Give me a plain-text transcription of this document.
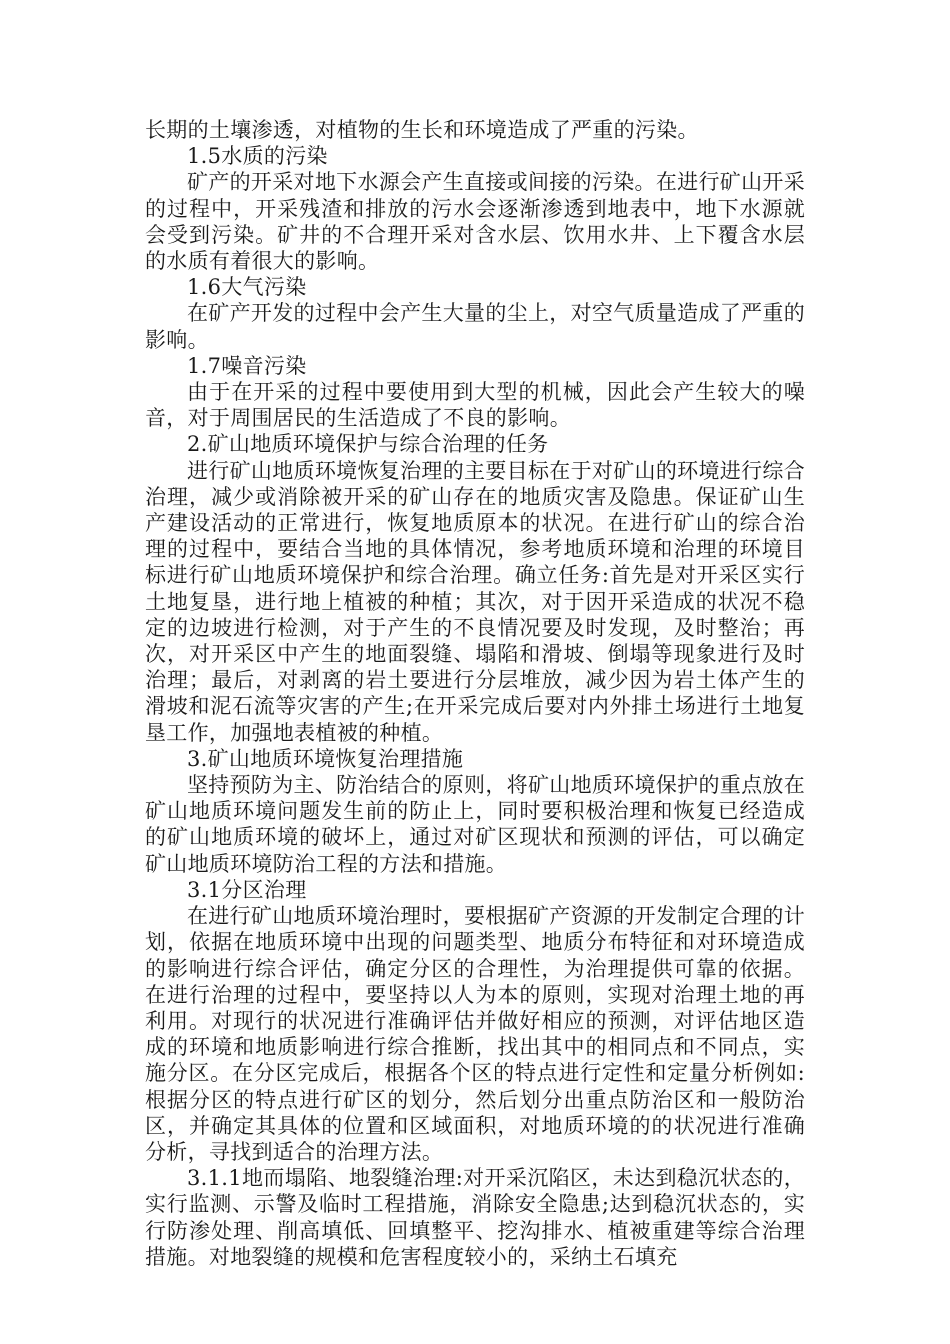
长期的土壤渗透，对植物的生长和环境造成了严重的污染。

1.5水质的污染

矿产的开采对地下水源会产生直接或间接的污染。在进行矿山开采的过程中，开采残渣和排放的污水会逐渐渗透到地表中，地下水源就会受到污染。矿井的不合理开采对含水层、饮用水井、上下覆含水层的水质有着很大的影响。

1.6大气污染

在矿产开发的过程中会产生大量的尘上，对空气质量造成了严重的影响。

1.7噪音污染

由于在开采的过程中要使用到大型的机械，因此会产生较大的噪音，对于周围居民的生活造成了不良的影响。

2.矿山地质环境保护与综合治理的任务

进行矿山地质环境恢复治理的主要目标在于对矿山的环境进行综合治理，减少或消除被开采的矿山存在的地质灾害及隐患。保证矿山生产建设活动的正常进行，恢复地质原本的状况。在进行矿山的综合治理的过程中，要结合当地的具体情况，参考地质环境和治理的环境目标进行矿山地质环境保护和综合治理。确立任务:首先是对开采区实行土地复垦，进行地上植被的种植；其次，对于因开采造成的状况不稳定的边坡进行检测，对于产生的不良情况要及时发现，及时整治；再次，对开采区中产生的地面裂缝、塌陷和滑坡、倒塌等现象进行及时治理；最后，对剥离的岩土要进行分层堆放，减少因为岩土体产生的滑坡和泥石流等灾害的产生;在开采完成后要对内外排土场进行土地复垦工作，加强地表植被的种植。

3.矿山地质环境恢复治理措施

坚持预防为主、防治结合的原则，将矿山地质环境保护的重点放在矿山地质环境问题发生前的防止上，同时要积极治理和恢复已经造成的矿山地质环境的破坏上，通过对矿区现状和预测的评估，可以确定矿山地质环境防治工程的方法和措施。

3.1分区治理

在进行矿山地质环境治理时，要根据矿产资源的开发制定合理的计划，依据在地质环境中出现的问题类型、地质分布特征和对环境造成的影响进行综合评估，确定分区的合理性，为治理提供可靠的依据。在进行治理的过程中，要坚持以人为本的原则，实现对治理土地的再利用。对现行的状况进行准确评估并做好相应的预测，对评估地区造成的环境和地质影响进行综合推断，找出其中的相同点和不同点，实施分区。在分区完成后，根据各个区的特点进行定性和定量分析例如:根据分区的特点进行矿区的划分，然后划分出重点防治区和一般防治区，并确定其具体的位置和区域面积，对地质环境的的状况进行准确分析，寻找到适合的治理方法。

3.1.1地而塌陷、地裂缝治理:对开采沉陷区，未达到稳沉状态的，实行监测、示警及临时工程措施，消除安全隐患;达到稳沉状态的，实行防渗处理、削高填低、回填整平、挖沟排水、植被重建等综合治理措施。对地裂缝的规模和危害程度较小的，采纳土石填充
